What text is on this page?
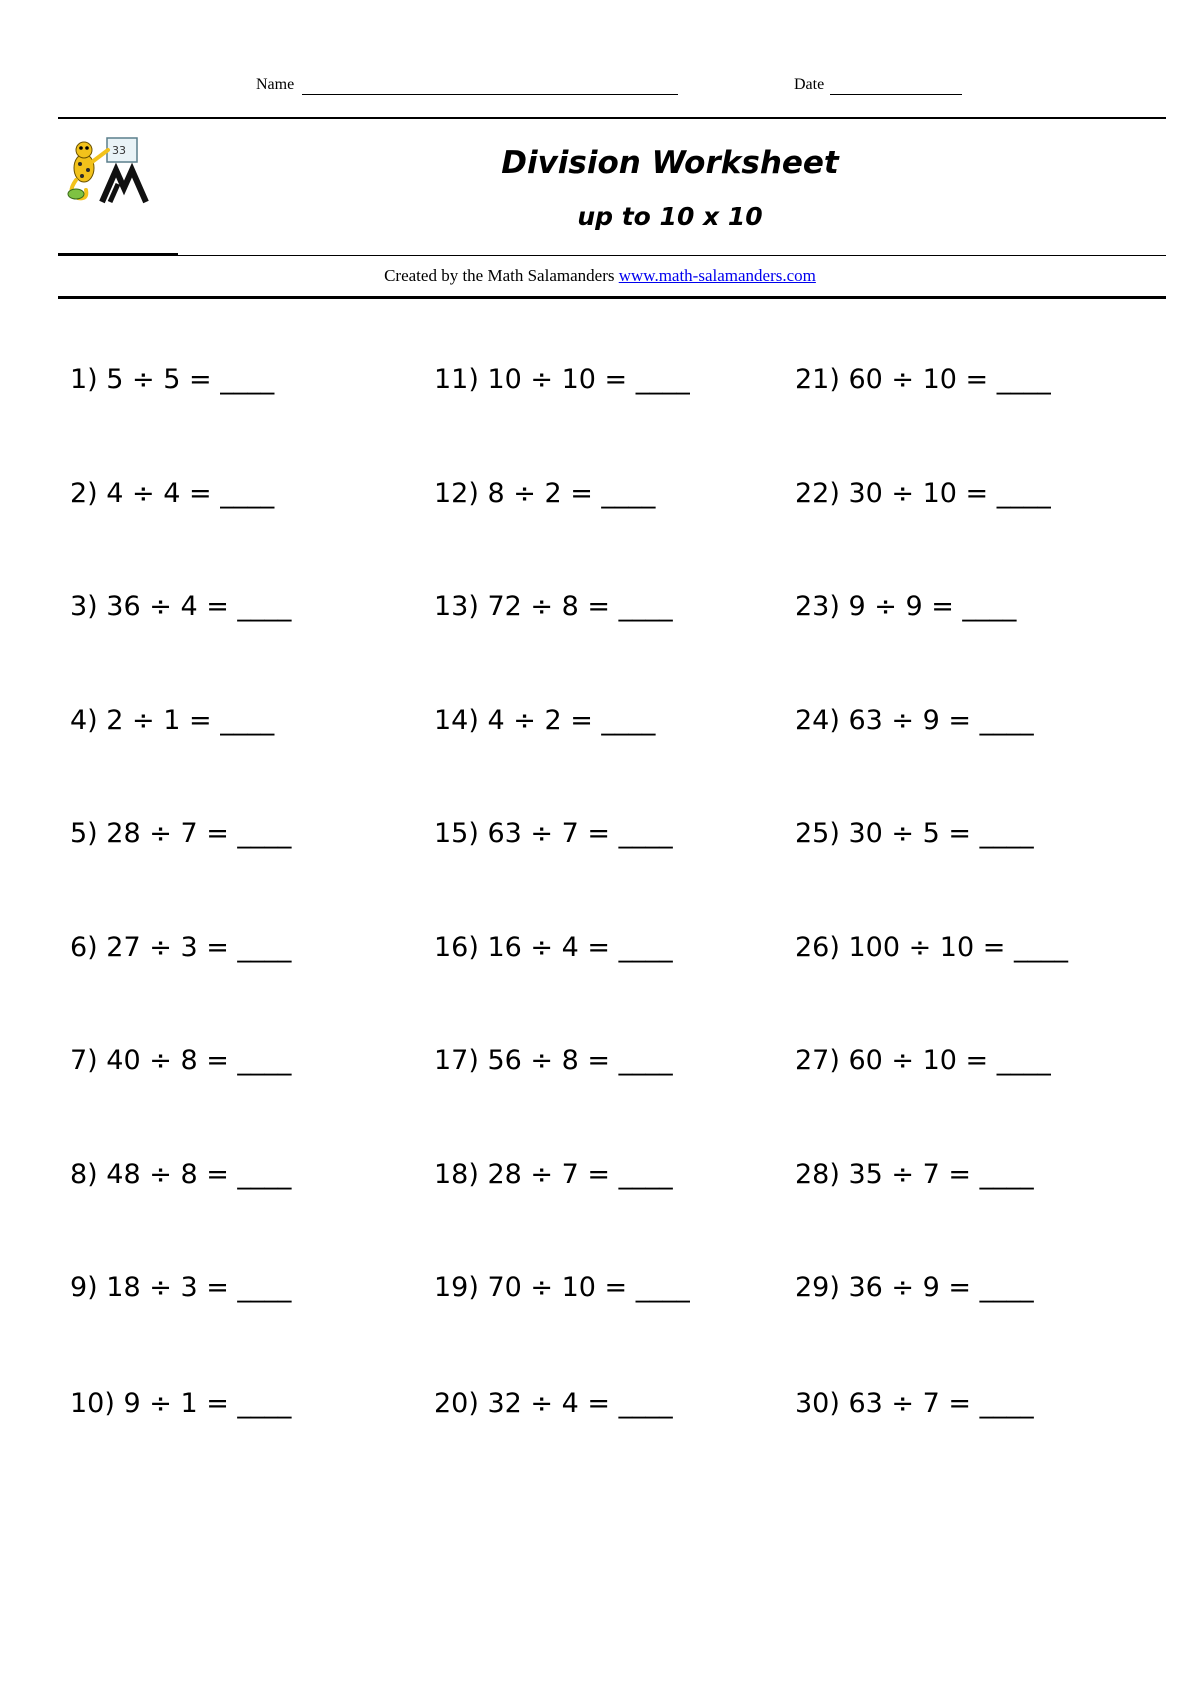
Name	Date
33	Division Worksheet
up to 10 x 10
Created by the Math Salamanders www.math-salamanders.com
1) 5 ÷ 5 = ____
2) 4 ÷ 4 = ____
3) 36 ÷ 4 = ____
4) 2 ÷ 1 = ____
5) 28 ÷ 7 = ____
6) 27 ÷ 3 = ____
7) 40 ÷ 8 = ____
8) 48 ÷ 8 = ____
9) 18 ÷ 3 = ____
10) 9 ÷ 1 = ____
11) 10 ÷ 10 = ____
12) 8 ÷ 2 = ____
13) 72 ÷ 8 = ____
14) 4 ÷ 2 = ____
15) 63 ÷ 7 = ____
16) 16 ÷ 4 = ____
17) 56 ÷ 8 = ____
18) 28 ÷ 7 = ____
19) 70 ÷ 10 = ____
20) 32 ÷ 4 = ____
21) 60 ÷ 10 = ____
22) 30 ÷ 10 = ____
23) 9 ÷ 9 = ____
24) 63 ÷ 9 = ____
25) 30 ÷ 5 = ____
26) 100 ÷ 10 = ____
27) 60 ÷ 10 = ____
28) 35 ÷ 7 = ____
29) 36 ÷ 9 = ____
30) 63 ÷ 7 = ____
